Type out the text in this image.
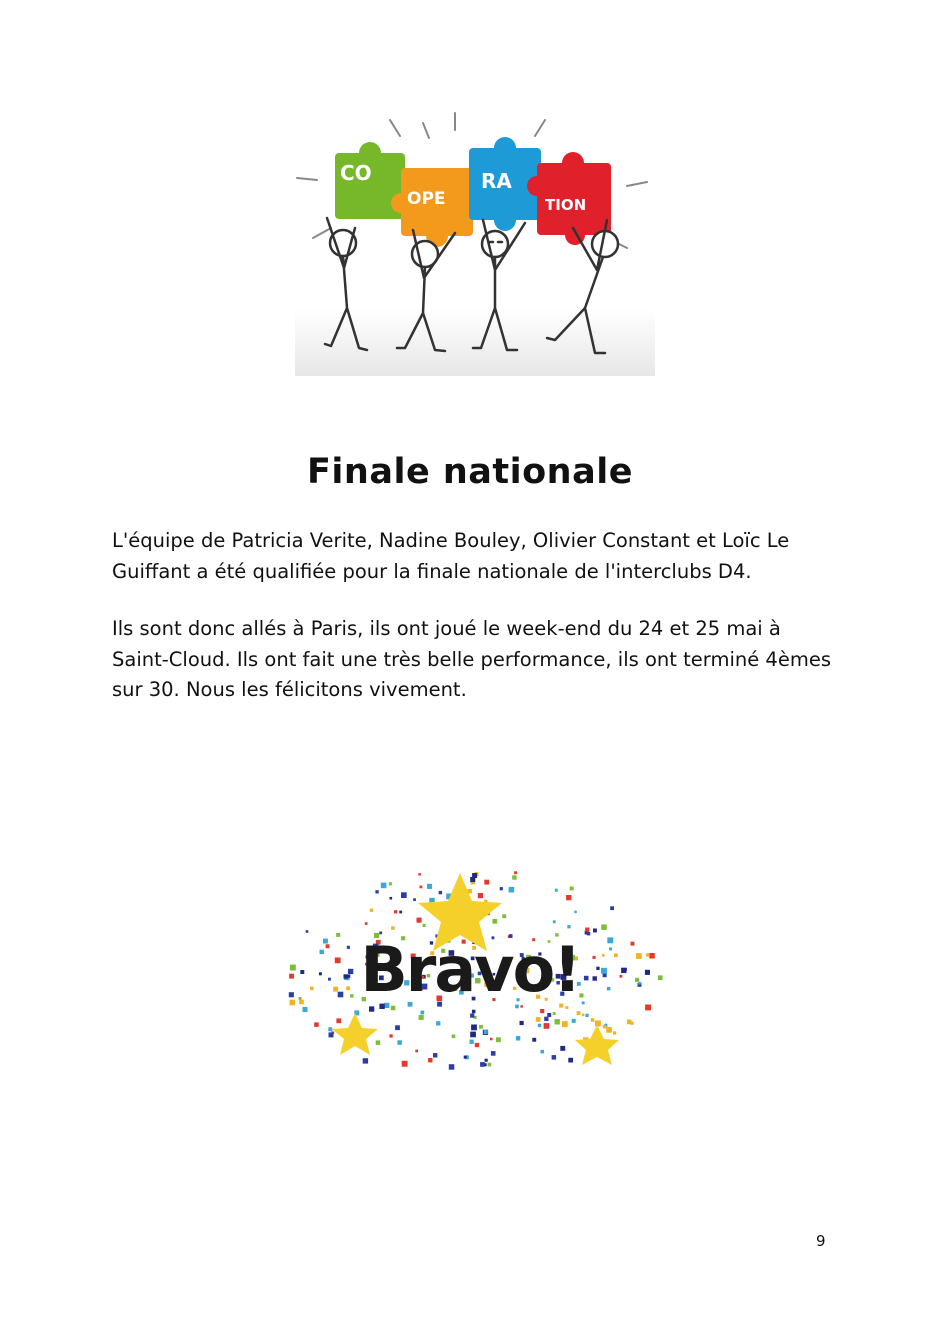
CO
OPE
RA
TION
Finale nationale

L'équipe de Patricia Verite, Nadine Bouley, Olivier Constant et Loïc Le Guiffant a été qualifiée pour la finale nationale de l'interclubs D4.

Ils sont donc allés à Paris, ils ont joué le week-end du 24 et 25 mai à Saint-Cloud. Ils ont fait une très belle performance, ils ont terminé 4èmes sur 30. Nous les félicitons vivement.

Bravo!
9
